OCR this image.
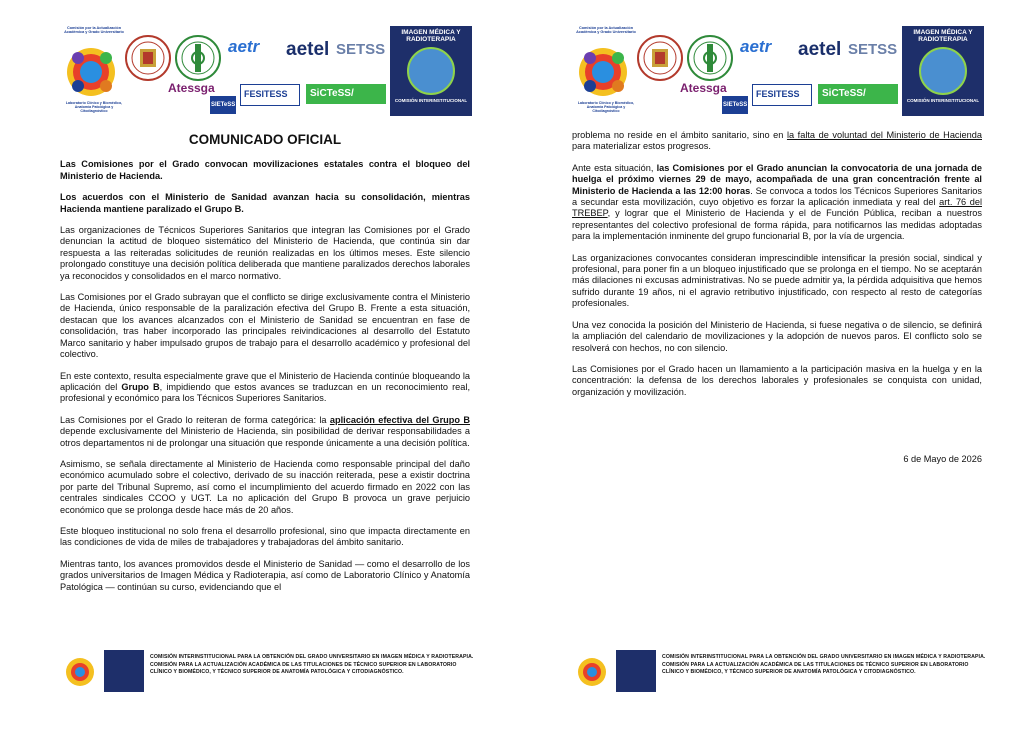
Comisión por la Actualización Académica y Grado Universitario
Laboratorio Clínico y Biomédico, Anatomía Patológica y Citodiagnóstico
aetr aetel SETSS
Atessga
SIETeSS
FESITESS	SiCTeSS/
IMAGEN MÉDICA Y RADIOTERAPIA
COMISIÓN INTERINSTITUCIONAL
COMUNICADO OFICIAL

Las Comisiones por el Grado convocan movilizaciones estatales contra el bloqueo del Ministerio de Hacienda.

Los acuerdos con el Ministerio de Sanidad avanzan hacia su consolidación, mientras Hacienda mantiene paralizado el Grupo B.

Las organizaciones de Técnicos Superiores Sanitarios que integran las Comisiones por el Grado denuncian la actitud de bloqueo sistemático del Ministerio de Hacienda, que continúa sin dar respuesta a las reiteradas solicitudes de reunión realizadas en los últimos meses. Este silencio prolongado constituye una decisión política deliberada que mantiene paralizados derechos laborales ya reconocidos y consolidados en el marco normativo.

Las Comisiones por el Grado subrayan que el conflicto se dirige exclusivamente contra el Ministerio de Hacienda, único responsable de la paralización efectiva del Grupo B. Frente a esta situación, destacan que los avances alcanzados con el Ministerio de Sanidad se encuentran en fase de consolidación, tras haber incorporado las principales reivindicaciones al desarrollo del Estatuto Marco sanitario y haber impulsado grupos de trabajo para el desarrollo académico y profesional del colectivo.

En este contexto, resulta especialmente grave que el Ministerio de Hacienda continúe bloqueando la aplicación del Grupo B, impidiendo que estos avances se traduzcan en un reconocimiento real, profesional y económico para los Técnicos Superiores Sanitarios.

Las Comisiones por el Grado lo reiteran de forma categórica: la aplicación efectiva del Grupo B depende exclusivamente del Ministerio de Hacienda, sin posibilidad de derivar responsabilidades a otros departamentos ni de prolongar una situación que responde únicamente a una decisión política.

Asimismo, se señala directamente al Ministerio de Hacienda como responsable principal del daño económico acumulado sobre el colectivo, derivado de su inacción reiterada, pese a existir doctrina por parte del Tribunal Supremo, así como el incumplimiento del acuerdo firmado en 2022 con las centrales sindicales CCOO y UGT. La no aplicación del Grupo B provoca un grave perjuicio económico que se prolonga desde hace más de 20 años.

Este bloqueo institucional no solo frena el desarrollo profesional, sino que impacta directamente en las condiciones de vida de miles de trabajadores y trabajadoras del ámbito sanitario.

Mientras tanto, los avances promovidos desde el Ministerio de Sanidad — como el desarrollo de los grados universitarios de Imagen Médica y Radioterapia, así como de Laboratorio Clínico y Anatomía Patológica — continúan su curso, evidenciando que el

COMISIÓN INTERINSTITUCIONAL PARA LA OBTENCIÓN DEL GRADO UNIVERSITARIO EN IMAGEN MÉDICA Y RADIOTERAPIA. COMISIÓN PARA LA ACTUALIZACIÓN ACADÉMICA DE LAS TITULACIONES DE TÉCNICO SUPERIOR EN LABORATORIO CLÍNICO Y BIOMÉDICO, Y TÉCNICO SUPERIOR DE ANATOMÍA PATOLÓGICA Y CITODIAGNÓSTICO.
Comisión por la Actualización Académica y Grado Universitario
Laboratorio Clínico y Biomédico, Anatomía Patológica y Citodiagnóstico
aetr aetel SETSS
Atessga
SIETeSS
FESITESS	SiCTeSS/
IMAGEN MÉDICA Y RADIOTERAPIA
COMISIÓN INTERINSTITUCIONAL

problema no reside en el ámbito sanitario, sino en la falta de voluntad del Ministerio de Hacienda para materializar estos progresos.

Ante esta situación, las Comisiones por el Grado anuncian la convocatoria de una jornada de huelga el próximo viernes 29 de mayo, acompañada de una gran concentración frente al Ministerio de Hacienda a las 12:00 horas. Se convoca a todos los Técnicos Superiores Sanitarios a secundar esta movilización, cuyo objetivo es forzar la aplicación inmediata y real del art. 76 del TREBEP, y lograr que el Ministerio de Hacienda y el de Función Pública, reciban a nuestros representantes del colectivo profesional de forma rápida, para notificarnos las medidas adoptadas para la implementación inminente del grupo funcionarial B, por la vía de urgencia.

Las organizaciones convocantes consideran imprescindible intensificar la presión social, sindical y profesional, para poner fin a un bloqueo injustificado que se prolonga en el tiempo. No se aceptarán más dilaciones ni excusas administrativas. No se puede admitir ya, la pérdida adquisitiva que hemos sufrido durante 19 años, ni el agravio retributivo injustificado, con respecto al resto de categorías profesionales.

Una vez conocida la posición del Ministerio de Hacienda, si fuese negativa o de silencio, se definirá la ampliación del calendario de movilizaciones y la adopción de nuevos paros. El conflicto solo se resolverá con hechos, no con silencio.

Las Comisiones por el Grado hacen un llamamiento a la participación masiva en la huelga y en la concentración: la defensa de los derechos laborales y profesionales se conquista con unidad, organización y movilización.

6 de Mayo de 2026

COMISIÓN INTERINSTITUCIONAL PARA LA OBTENCIÓN DEL GRADO UNIVERSITARIO EN IMAGEN MÉDICA Y RADIOTERAPIA. COMISIÓN PARA LA ACTUALIZACIÓN ACADÉMICA DE LAS TITULACIONES DE TÉCNICO SUPERIOR EN LABORATORIO CLÍNICO Y BIOMÉDICO, Y TÉCNICO SUPERIOR DE ANATOMÍA PATOLÓGICA Y CITODIAGNÓSTICO.
